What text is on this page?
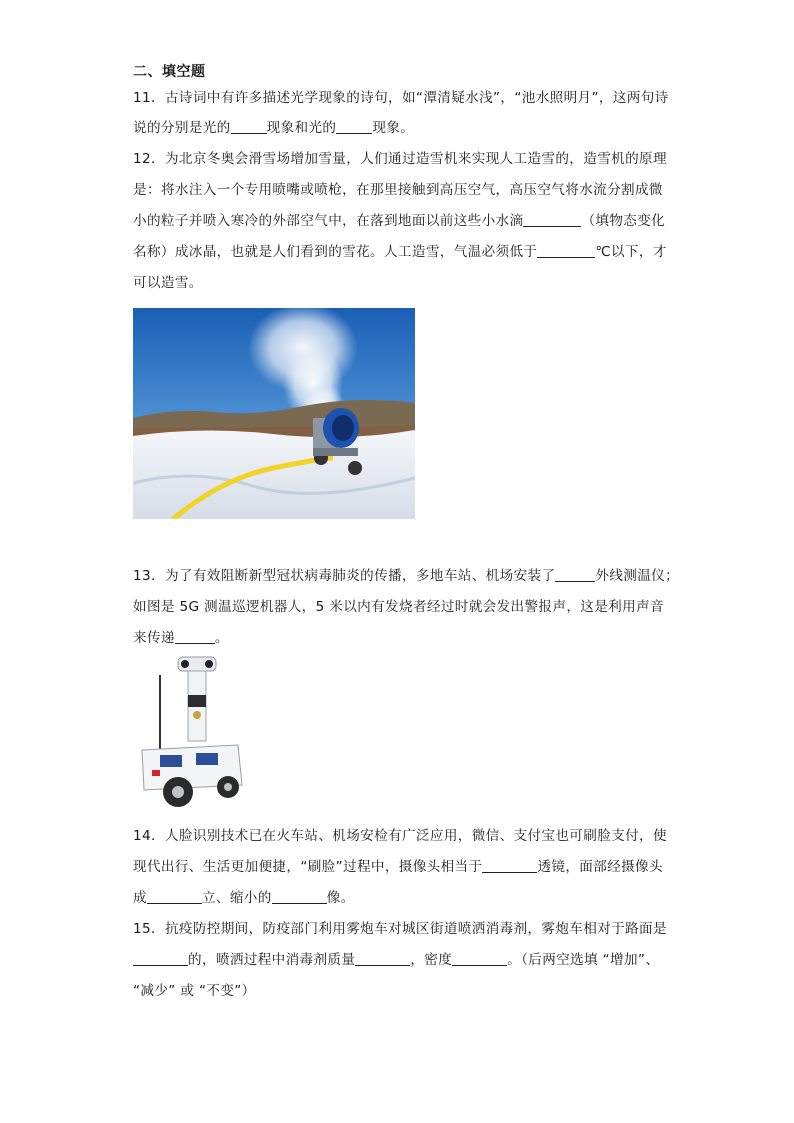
二、填空题
11．古诗词中有许多描述光学现象的诗句，如“潭清疑水浅”，“池水照明月”，这两句诗
说的分别是光的	现象和光的	现象。
12．为北京冬奥会滑雪场增加雪量，人们通过造雪机来实现人工造雪的，造雪机的原理
是：将水注入一个专用喷嘴或喷枪，在那里接触到高压空气，高压空气将水流分割成微
小的粒子并喷入寒冷的外部空气中，在落到地面以前这些小水滴	（填物态变化
名称）成冰晶，也就是人们看到的雪花。人工造雪，气温必须低于	℃以下，才
可以造雪。
13．为了有效阻断新型冠状病毒肺炎的传播，多地车站、机场安装了	外线测温仪；
如图是 5G 测温巡逻机器人，5 米以内有发烧者经过时就会发出警报声，这是利用声音
来传递	。
14．人脸识别技术已在火车站、机场安检有广泛应用，微信、支付宝也可刷脸支付，使
现代出行、生活更加便捷，“刷脸”过程中，摄像头相当于	透镜，面部经摄像头
成	立、缩小的	像。
15．抗疫防控期间，防疫部门利用雾炮车对城区街道喷洒消毒剂，雾炮车相对于路面是
的，喷洒过程中消毒剂质量	，密度	。（后两空选填 “增加”、
“减少” 或 “不变”）
